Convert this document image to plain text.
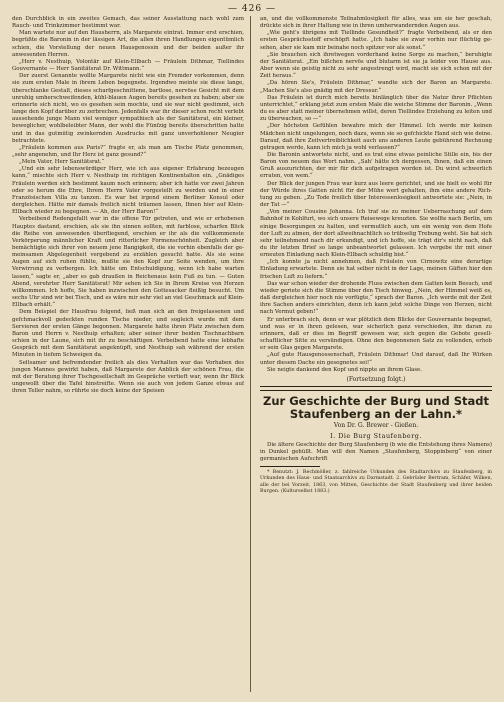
— 426 —

den Durchblick in ein zweites Gemach, das seiner Ausstattung nach wohl zum Rauch- und Trinkzimmer bestimmt war.

Man wartete nur auf den Hausherrn, als Margarete eintrat. Immer erst erschien, begrüßte die Baronin in der lässigen Art, die allen ihren Handlungen eigentümlich schien, die Vorstellung der neuen Hausgenossin und der beiden außer ihr anwesenden Herren.

„Herr v. Nesthuip, Volontär auf Klein-Ellbach — Fräulein Dithmar, Tiellindes Gouvernante — Herr Sanitätsrat Dr. Wittmann.“

Der zuerst Genannte wollte Margarete nicht wie ein Fremder vorkommen, denn sie zum ersten Male in ihrem Leben begegnete. Irgendwo meinte sie diese lange, überschlanke Gestalt, dieses scharfgeschnittene, bartlose, nervöse Gesicht mit dem unruhig umherschweifenden, kühl-blauen Augen bereits gesehen zu haben; aber sie erinnerte sich nicht, wo es gesehen sein mochte, und sie war nicht gestimmt, sich lange den Kopf darüber zu zerbrechen. Jedenfalls war ihr dieser schon recht verlebt aussehende junge Mann viel weniger sympathisch als der Sanitätsrat, ein kleiner, beweglicher, wohlbeleibter Mann, der wohl die Fünfzig bereits überschritten hatte und in das gutmütig zwinkernden Ausdrucks mit ganz unverhohlener Neugier betrachtete.

„Fräulein kommen aus Paris?“ fragte er, als man am Tische Platz genommen, „sehr angenehm, und Ihr Herz ist ganz gesund?“

„Mein Vater, Herr Sanitätsrat.“

„Und ein sehr lebenswürdiger Herr, wie ich aus eigener Erfahrung bezeugen kann,“ mischte sich Herr v. Nesthuip im richtigen Kontinentalton ein. „Gnädiges Fräulein werden sich bestimmt kaum noch erinnern; aber ich hatte vor zwei Jahren oder so herum die Ehre, Ihrem Herrn Vater vorgestellt zu werden und in einer Französischen Villa zu tanzen. Es war bei irgend einem Berliner Konsul oder dergleichen. Hätte mir damals freilich nicht träumen lassen, Ihnen hier auf Klein-Ellbach wieder zu begegnen. — Ah, der Herr Baron!“

Verbeibend Redengefallt war in die offene Tür getreten, und wie er erhobenen Hauptes dastand, erschien, als sie ihn sinnen sollten, mit farblose, scharfen Blick die Reihe von anwesenden überfliegend, erschien er ihr als die vollkommenste Verkörperung männlicher Kraft und ritterlicher Formenschönheit. Zugleich aber bemächtigte sich ihrer von neuem jene Bangigkeit, die sie vorhin ebenfalls der gemeinsamen Abgelegenheit vergebend zu erzählen gesucht hatte. Als sie seine Augen auf sich ruhen fühlte, mußte sie den Kopf zur Seite wenden, um ihre Verwirrung zu verbergen. Ich hätte um Entschuldigung, wenn ich habe warten lassen,“ sagte er, „aber es gab draußen in Reichenaus kein Fuß zu tun. — Guten Abend, verehrter Herr Sanitätsrat! Mir sehen ich Sie in Ihrem Kreise von Herzen willkommen. Ich hoffe, Sie haben inzwischen den Gottesacker fleißig besucht. Um sechs Uhr sind wir bei Tisch, und es wäre mir sehr viel an viel Geschmack auf Klein-Ellbach erhält.“

Dem Beispiel der Hausfrau folgend, ließ man sich an den freigelassenen und gefchmackvoll gedeckten runden Tische nieder, und sogleich wurde mit dem Servieren der ersten Gänge begonnen. Margarete hatte ihren Platz zwischen dem Baron und Herrn v. Nesthuip erhalten; aber seiner ihrer beiden Tischnachbarn schien in der Laune, sich mit ihr zu beschäftigen. Verbeibend hatte eine lebhafte Gespräch mit dem Sanitätsrat angeknüpft, und Nesthuip sah während der ersten Minuten in tiefem Schweigen da.

Seltsamer und befremdender freilich als dies Verhalten war das Vorhaben des jungen Mannes gewirkt haben, daß Margarete der Anblick der schönen Frau, die mit der Beratung ihrer Tischgesellschaft im Gespräche vertieft war, wenn ihr Blick ungewollt über die Tafel hinstreifte. Wenn sie auch von jedem Ganze etwas auf ihren Teller nahm, so rührte sie doch keine der Speisen

an, und die vollkommenste Teilnahmlosigkeit für alles, was um sie her geschah, drückte sich in ihrer Haltung wie in ihren umherwandernden Augen aus.

„Wie geht's übrigens mit Tiellinde Gesundheit?“ fragte Verbeibend, als er den ersten Gesprächsstoff erschöpft hatte. „Ich habe sie zwar vorhin nur flüchtig gesehen, aber sie kam mir beinahe noch spitzer vor als sonst.“

„Sie brauchen sich ihretwegen vorderhand keine Sorge zu machen,“ beruhigte der Sanitätsrat. „Ein bißchen nervös und blutarm ist sie ja leider von Hause aus. Aber wenn sie geistig nicht zu sehr angestrengt wird, macht sie sich schon mit der Zeit heraus.“

„Da hören Sie's, Fräulein Dithmar,“ wandte sich der Baron an Margarete. „Machen Sie's also gnädig mit der Dressur.“

Das Fräulein ist durch mich bereits hinlänglich über die Natur ihrer Pflichten unterrichtet,“ erklang jetzt zum ersten Male die weiche Stimme der Baronin. „Wenn du es aber statt meiner übernehmen willst, deren Tiellindes Erziehung zu leiten und zu überwachen, so —“

„Der höchsten Gefühlen bewahre mich der Himmel. Ich werde mir keinen Mädchen nicht ungelungen, noch dazu, wenn sie so gefchickte Hand sich wie deine. Darauf, daß ihre Zeitvertreiblichkeit auch uns anderen Leute gebührend Rechnung getragen werde, kann ich mich ja wohl verlassen?“

Die Baronin antwortete nicht, und es trat eine etwas peinliche Stille ein, bis der Baron von neuem das Wort nahm. „Sah' hätte ich dergessen, Ihnen, daß ein einen Gruß auszurichten, der mir für dich aufgetragen worden ist. Du wirst schwerlich erraten, von wem.“

Der Blick der jungen Frau war kurz aus leere gerichtet, und sie hielt es wohl für der Würde ihres Gatten nicht für der Mühe wert gehalten, ihm eine andere Richtung zu geben. „Zu Tode freilich über Interessenlosigkeit antwortete sie: „Nein, in der Tat —“

„Von meiner Cousine Johanna. Ich traf sie zu meiner Ueberraschung auf dem Bahnhof in Kohlfurt, wo sich unsere Reisewege kreuzten. Sie wollte nach Berlin, um einige Besorgungen zu halten, und vermutlich auch, um ein wenig von dem Hofe der Luft zu atmen, der dort allweihnachtlich so trübselig Trebung weht. Sie hat sich sehr teilnehmend nach dir erkundigt, und ich hoffe, sie trägt dir's nicht nach, daß du ihr letzten Brief so lange unbeantwortet gelassen. Ich vergebe ihr mit einer erneuten Einladung nach Klein-Ellbach schuldig bist.“

„Ich konnte ja nicht annehmen, daß Fräulein von Cirnowitz eine derartige Einladung erwartete. Denn sie hat selber nicht in der Lage, meinen Gäften hier den frischen Luft zu liefern.“

Das war schon wieder der drohende Fluss zwischen dem Gatten kein Besuch, und wieder geriete sich die Stimme über den Tisch hinweg. „Nein, der Himmel weiß es, daß dergleichen hier noch nie vorfügte,“ sprach der Baron. „Ich werde mit der Zeit ihre Sachen anders einrichten, denn ich kann jetzt solche Dinge von Herzen, nicht nach Vermut geben!“

Er unterbrach sich, denn er war plötzlich dem Blicke der Gouvernante begegnet, und was er in ihren gelesen, war sicherlich ganz verschieden, ihn daran zu erinnern, daß er dies im Begriff gewesen war, sich gegen die Gebote gesellschaftlicher Sitte zu versündigen. Ohne den begonnenen Satz zu vollenden, erhob er sein Glas gegen Margarete.

„Auf gute Hausgenossenschaft, Fräulein Dithmar! Und darauf, daß Ihr Wirken unter diesem Dache ein gesegnetes sei!“

Sie neigte dankend den Kopf und nippte an ihrem Glase.

(Fortsetzung folgt.)
Zur Geschichte der Burg und Stadt Staufenberg an der Lahn.*
Von Dr. G. Brewer - Gießen.
I. Die Burg Staufenberg.

Die ältere Geschichte der Burg Staufenberg (b wie die Entstehung ihres Namens) in Dunkel gehüllt. Man will den Namen „Staufenberg, Stoppinberg“ von einer germanischen Aufschrift

* Benutzt: J. Rechmöller, z. fahlreiche Urkunden des Stadtarchivs zu Staufenberg, in Urkunden des Haus- und Staatsarchivs zu Darmstadt. 2. Gebrüder Bertram, Schäfer, Wilken, alle der bei Vorzeit, 1863, von Mitten, Geschichte der Stadt Staufenberg und ihrer beiden Burgen. (Kulturselbst 1883.)
